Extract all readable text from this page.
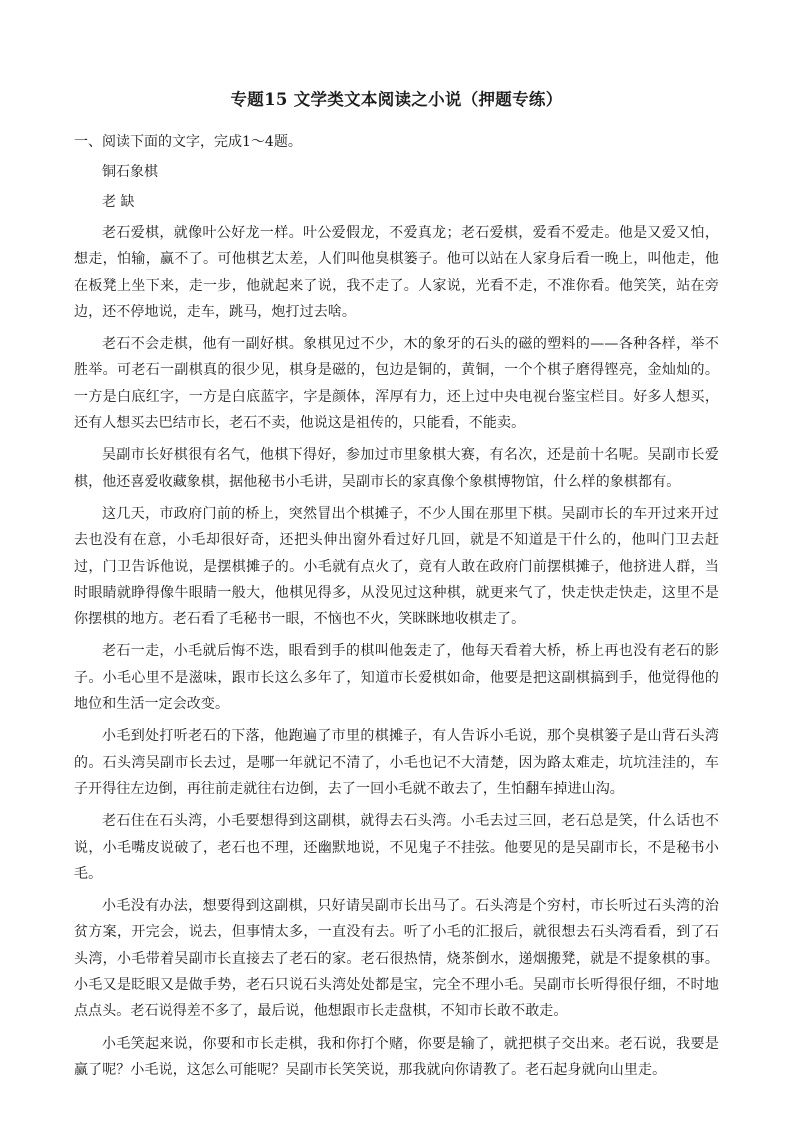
专题15 文学类文本阅读之小说（押题专练）

一、阅读下面的文字，完成1～4题。

铜石象棋

老 缺

老石爱棋，就像叶公好龙一样。叶公爱假龙，不爱真龙；老石爱棋，爱看不爱走。他是又爱又怕，想走，怕输，赢不了。可他棋艺太差，人们叫他臭棋篓子。他可以站在人家身后看一晚上，叫他走，他在板凳上坐下来，走一步，他就起来了说，我不走了。人家说，光看不走，不准你看。他笑笑，站在旁边，还不停地说，走车，跳马，炮打过去啥。

老石不会走棋，他有一副好棋。象棋见过不少，木的象牙的石头的磁的塑料的——各种各样，举不胜举。可老石一副棋真的很少见，棋身是磁的，包边是铜的，黄铜，一个个棋子磨得铿亮，金灿灿的。一方是白底红字，一方是白底蓝字，字是颜体，浑厚有力，还上过中央电视台鉴宝栏目。好多人想买，还有人想买去巴结市长，老石不卖，他说这是祖传的，只能看，不能卖。

吴副市长好棋很有名气，他棋下得好，参加过市里象棋大赛，有名次，还是前十名呢。吴副市长爱棋，他还喜爱收藏象棋，据他秘书小毛讲，吴副市长的家真像个象棋博物馆，什么样的象棋都有。

这几天，市政府门前的桥上，突然冒出个棋摊子，不少人围在那里下棋。吴副市长的车开过来开过去也没有在意，小毛却很好奇，还把头伸出窗外看过好几回，就是不知道是干什么的，他叫门卫去赶过，门卫告诉他说，是摆棋摊子的。小毛就有点火了，竟有人敢在政府门前摆棋摊子，他挤进人群，当时眼睛就睁得像牛眼睛一般大，他棋见得多，从没见过这种棋，就更来气了，快走快走快走，这里不是你摆棋的地方。老石看了毛秘书一眼，不恼也不火，笑眯眯地收棋走了。

老石一走，小毛就后悔不迭，眼看到手的棋叫他轰走了，他每天看着大桥，桥上再也没有老石的影子。小毛心里不是滋味，跟市长这么多年了，知道市长爱棋如命，他要是把这副棋搞到手，他觉得他的地位和生活一定会改变。

小毛到处打听老石的下落，他跑遍了市里的棋摊子，有人告诉小毛说，那个臭棋篓子是山背石头湾的。石头湾吴副市长去过，是哪一年就记不清了，小毛也记不大清楚，因为路太难走，坑坑洼洼的，车子开得往左边倒，再往前走就往右边倒，去了一回小毛就不敢去了，生怕翻车掉进山沟。

老石住在石头湾，小毛要想得到这副棋，就得去石头湾。小毛去过三回，老石总是笑，什么话也不说，小毛嘴皮说破了，老石也不理，还幽默地说，不见鬼子不挂弦。他要见的是吴副市长，不是秘书小毛。

小毛没有办法，想要得到这副棋，只好请吴副市长出马了。石头湾是个穷村，市长听过石头湾的治贫方案，开完会，说去，但事情太多，一直没有去。听了小毛的汇报后，就很想去石头湾看看，到了石头湾，小毛带着吴副市长直接去了老石的家。老石很热情，烧茶倒水，递烟搬凳，就是不提象棋的事。小毛又是眨眼又是做手势，老石只说石头湾处处都是宝，完全不理小毛。吴副市长听得很仔细，不时地点点头。老石说得差不多了，最后说，他想跟市长走盘棋，不知市长敢不敢走。

小毛笑起来说，你要和市长走棋，我和你打个赌，你要是输了，就把棋子交出来。老石说，我要是赢了呢？小毛说，这怎么可能呢？吴副市长笑笑说，那我就向你请教了。老石起身就向山里走。
